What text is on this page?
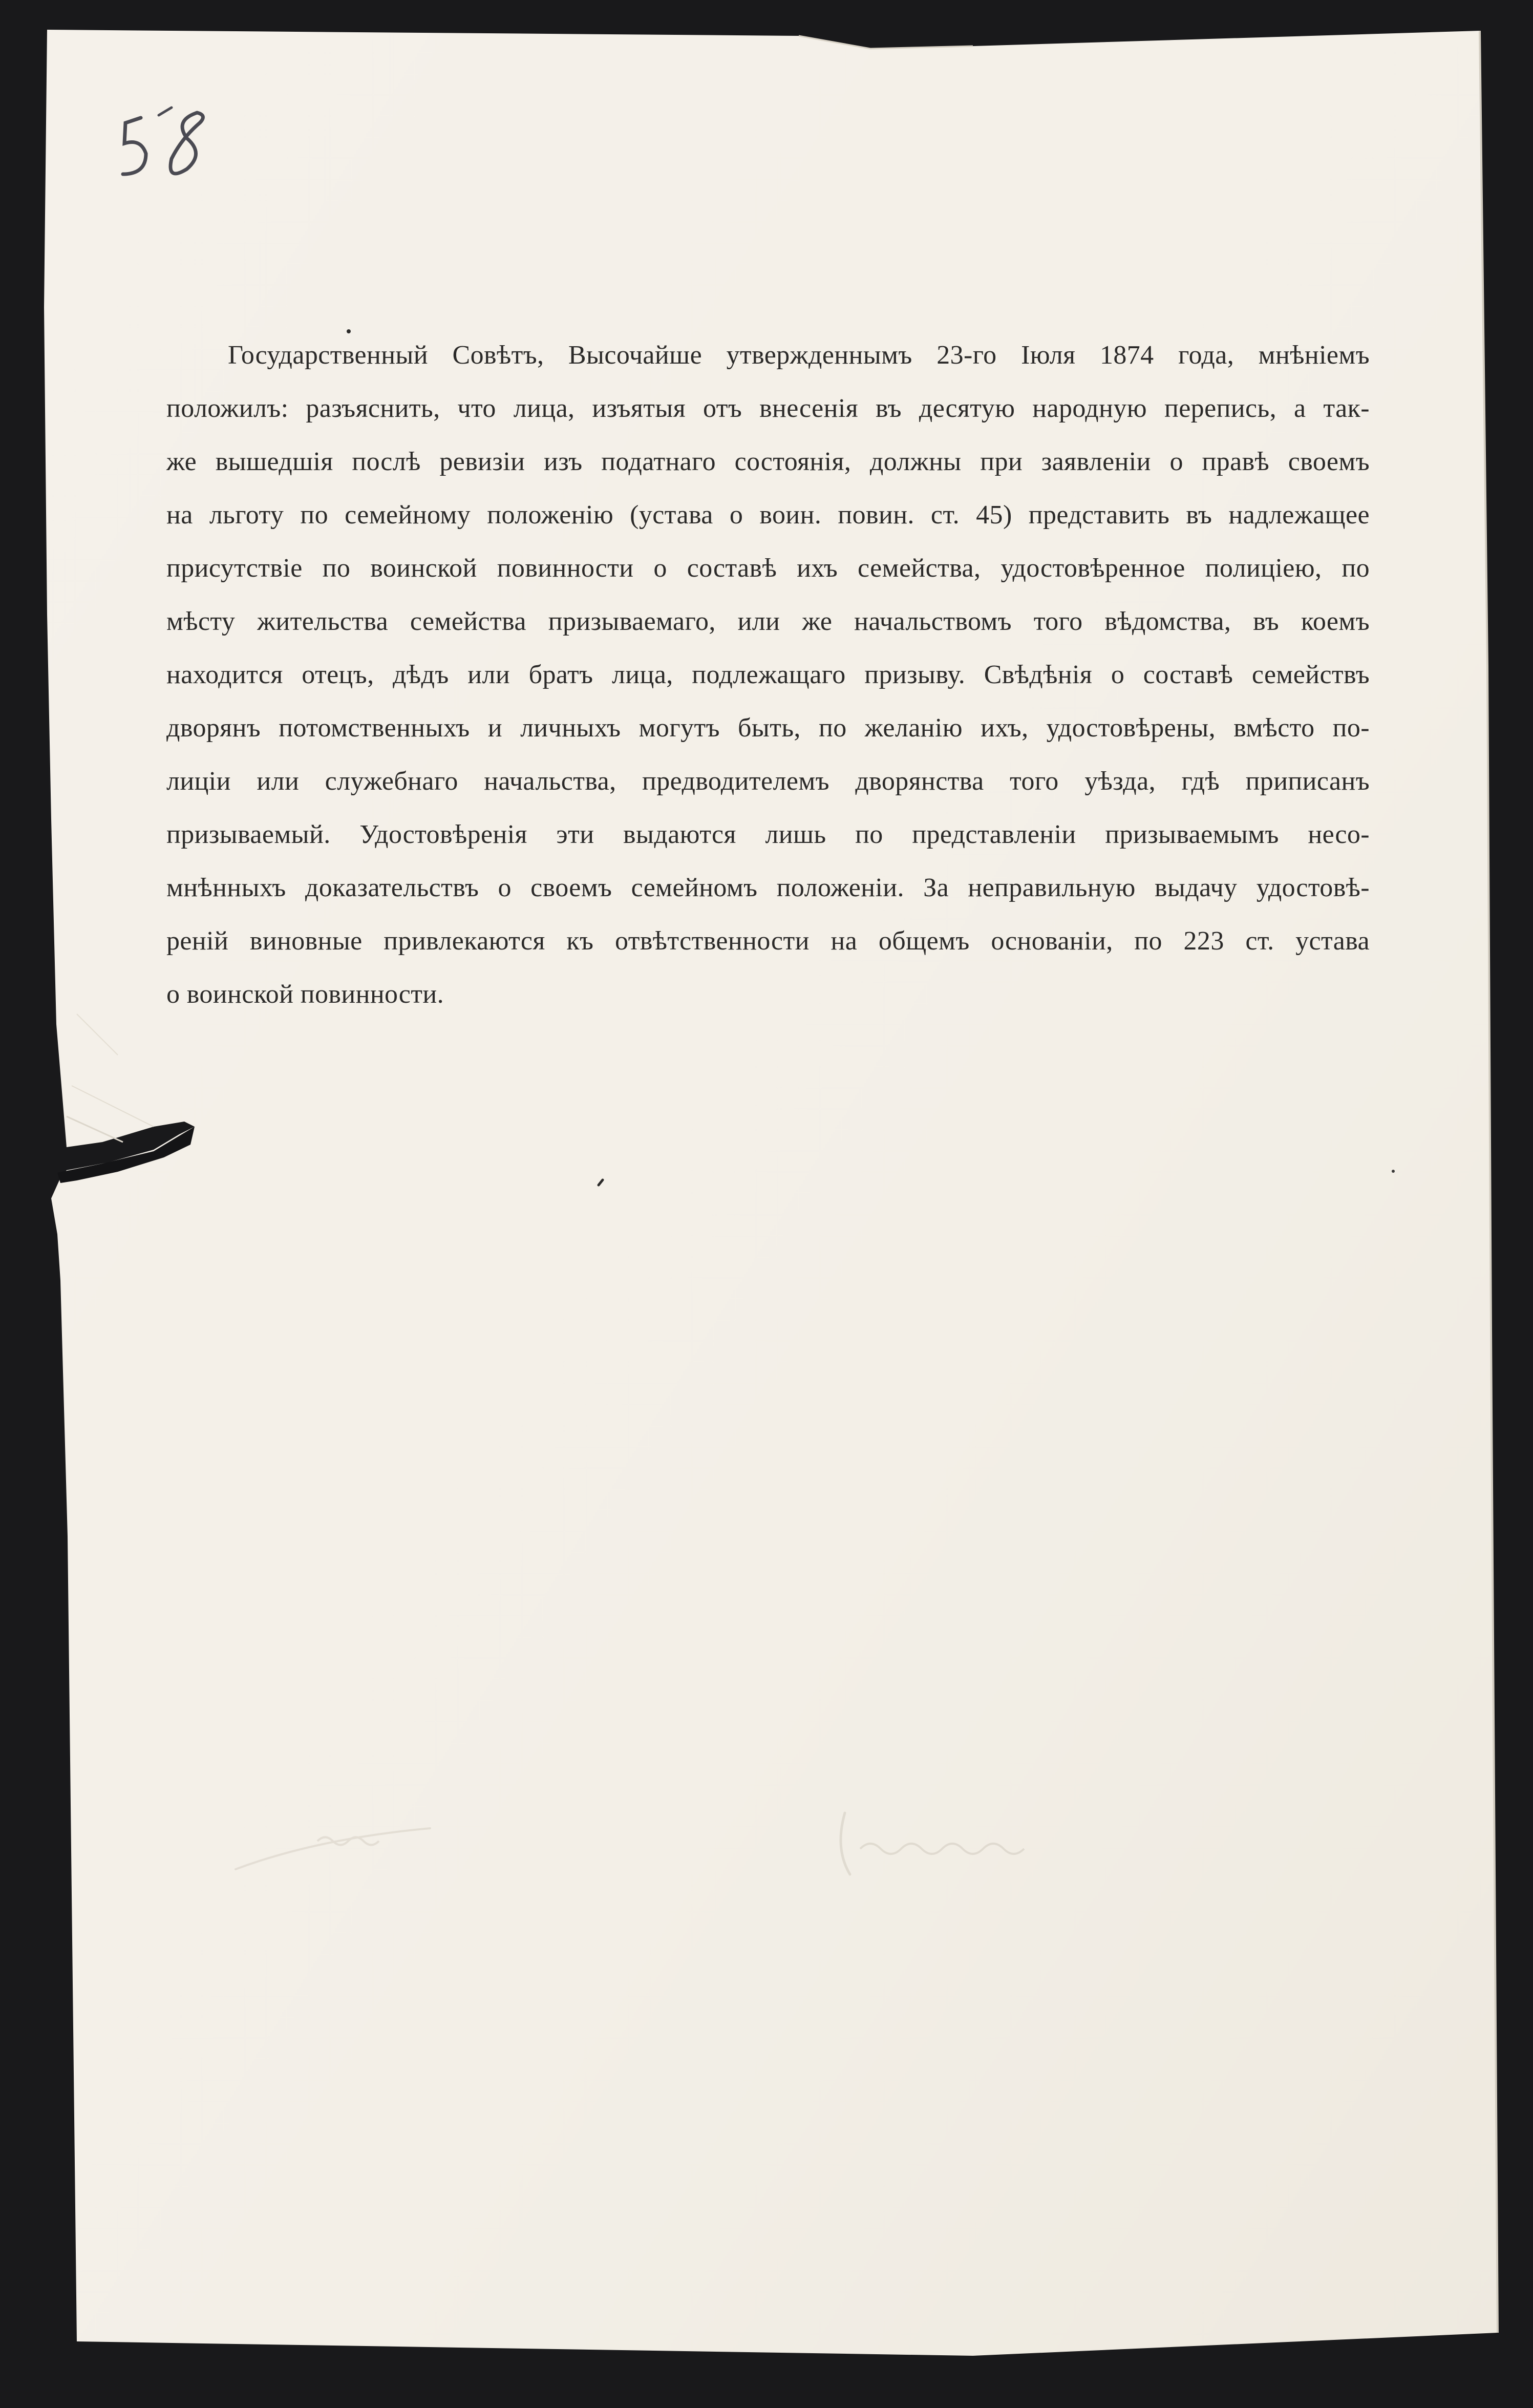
Государственный Совѣтъ, Высочайше утвержденнымъ 23-го Іюля 1874 года, мнѣніемъ
положилъ: разъяснить, что лица, изъятыя отъ внесенія въ десятую народную перепись, а так-
же вышедшія послѣ ревизіи изъ податнаго состоянія, должны при заявленіи о правѣ своемъ
на льготу по семейному положенію (устава о воин. повин. ст. 45) представить въ надлежащее
присутствіе по воинской повинности о составѣ ихъ семейства, удостовѣренное полиціею, по
мѣсту жительства семейства призываемаго, или же начальствомъ того вѣдомства, въ коемъ
находится отецъ, дѣдъ или братъ лица, подлежащаго призыву. Свѣдѣнія о составѣ семействъ
дворянъ потомственныхъ и личныхъ могутъ быть, по желанію ихъ, удостовѣрены, вмѣсто по-
лиціи или служебнаго начальства, предводителемъ дворянства того уѣзда, гдѣ приписанъ
призываемый. Удостовѣренія эти выдаются лишь по представленіи призываемымъ несо-
мнѣнныхъ доказательствъ о своемъ семейномъ положеніи. За неправильную выдачу удостовѣ-
реній виновные привлекаются къ отвѣтственности на общемъ основаніи, по 223 ст. устава
о воинской повинности.
